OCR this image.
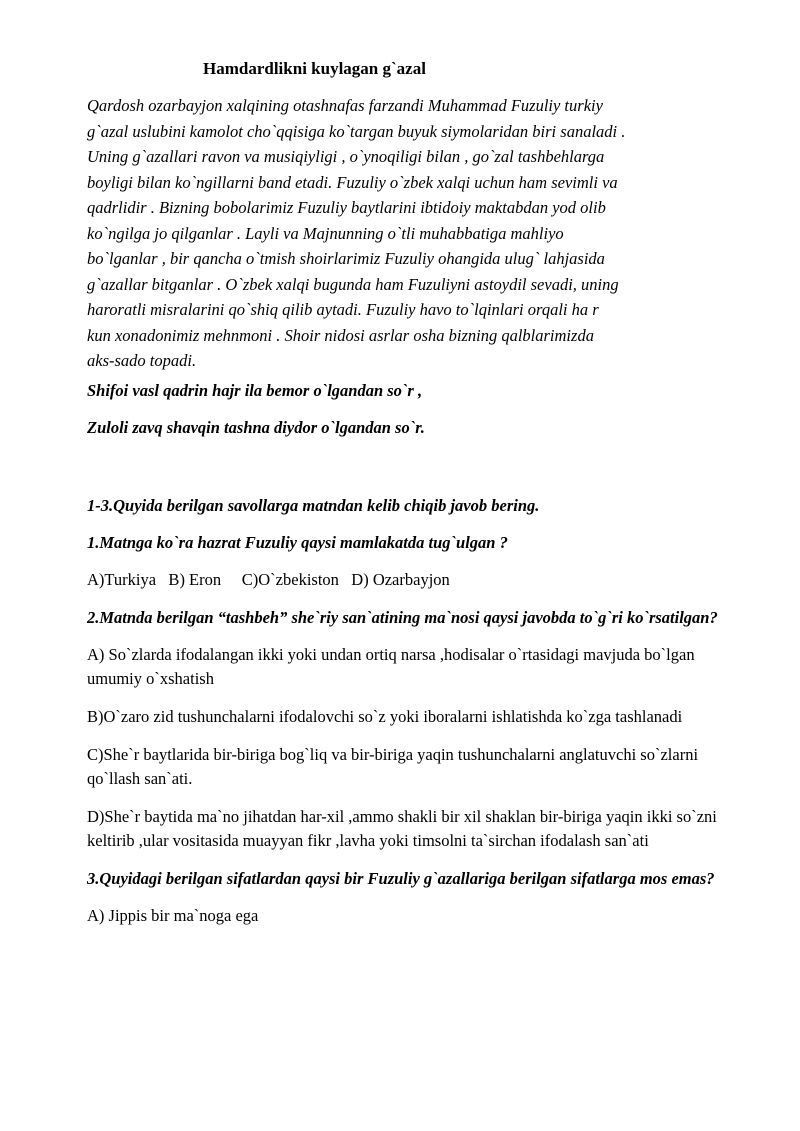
Hamdardlikni kuylagan g`azal
Qardosh ozarbayjon xalqining otashnafas farzandi Muhammad Fuzuliy turkiy
g`azal uslubini kamolot cho`qqisiga ko`targan buyuk siymolaridan biri sanaladi .
Uning g`azallari ravon va musiqiyligi , o`ynoqiligi bilan , go`zal tashbehlarga
boyligi bilan ko`ngillarni band etadi. Fuzuliy o`zbek xalqi uchun ham sevimli va
qadrlidir . Bizning bobolarimiz Fuzuliy baytlarini ibtidoiy maktabdan yod olib
ko`ngilga jo qilganlar . Layli va Majnunning o`tli muhabbatiga mahliyo
bo`lganlar , bir qancha o`tmish shoirlarimiz Fuzuliy ohangida ulug` lahjasida
g`azallar bitganlar . O`zbek xalqi bugunda ham Fuzuliyni astoydil sevadi, uning
haroratli misralarini qo`shiq qilib aytadi. Fuzuliy havo to`lqinlari orqali ha r
kun xonadonimiz mehnmoni . Shoir nidosi asrlar osha bizning qalblarimizda
aks-sado topadi.
Shifoi vasl qadrin hajr ila bemor o`lgandan so`r ,
Zuloli zavq shavqin tashna diydor o`lgandan so`r.
1-3.Quyida berilgan savollarga matndan kelib chiqib javob bering.
1.Matnga ko`ra hazrat Fuzuliy qaysi mamlakatda tug`ulgan ?
A)Turkiya   B) Eron     C)O`zbekiston   D) Ozarbayjon
2.Matnda berilgan “tashbeh” she`riy san`atining ma`nosi qaysi javobda to`g`ri ko`rsatilgan?
A) So`zlarda ifodalangan ikki yoki undan ortiq narsa ,hodisalar o`rtasidagi mavjuda bo`lgan umumiy o`xshatish
B)O`zaro zid tushunchalarni ifodalovchi so`z yoki iboralarni ishlatishda ko`zga tashlanadi
C)She`r baytlarida bir-biriga bog`liq va bir-biriga yaqin tushunchalarni anglatuvchi so`zlarni qo`llash san`ati.
D)She`r baytida ma`no jihatdan har-xil ,ammo shakli bir xil shaklan bir-biriga yaqin ikki so`zni keltirib ,ular vositasida muayyan fikr ,lavha yoki timsolni ta`sirchan ifodalash san`ati
3.Quyidagi berilgan sifatlardan qaysi bir Fuzuliy g`azallariga berilgan sifatlarga mos emas?
A) Jippis bir ma`noga ega
